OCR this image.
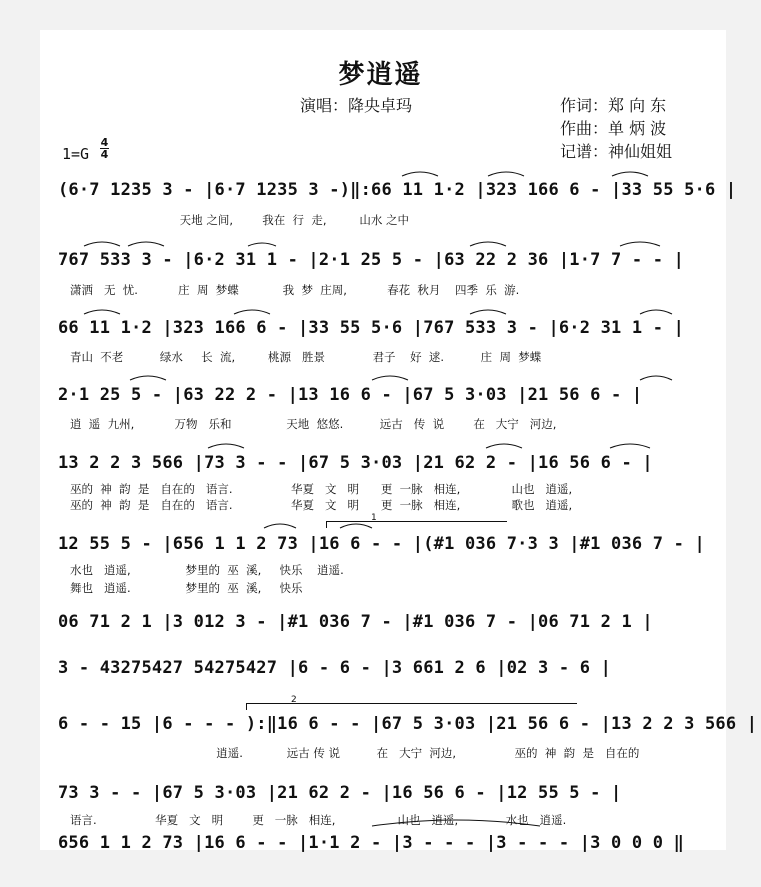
梦逍遥
演唱：降央卓玛	作词：郑 向 东
作曲：单 炳 波
记谱：神仙姐姐
1=G
4
4
(6·7 1235 3 - |6·7 1235 3 -)‖:66 11 1·2 |323 166 6 - |33 55 5·6 |
天地 之间,        我在  行  走,         山水 之中
767 533 3 - |6·2 31 1 - |2·1 25 5 - |63 22 2 36 |1·7 7 - - |
潇洒   无  忧.           庄  周  梦蝶            我  梦  庄周,           春花  秋月    四季  乐  游.
66 11 1·2 |323 166 6 - |33 55 5·6 |767 533 3 - |6·2 31 1 - |
青山  不老          绿水     长  流,         桃源   胜景             君子    好  逑.          庄  周  梦蝶
2·1 25 5 - |63 22 2 - |13 16 6 - |67 5 3·03 |21 56 6 - |
逍  遥  九州,           万物   乐和               天地  悠悠.          远古   传  说        在   大宁   河边,
13 2 2 3 566 |73 3 - - |67 5 3·03 |21 62 2 - |16 56 6 - |
巫的  神  韵  是   自在的   语言.                华夏   文   明      更  一脉   相连,              山也   逍遥,
巫的  神  韵  是   自在的   语言.                华夏   文   明      更  一脉   相连,              歌也   逍遥,
1
12 55 5 - |656 1 1 2 73 |16 6 - - |(#1 036 7·3 3 |#1 036 7 - |
水也   逍遥,               梦里的  巫  溪,     快乐    逍遥.
舞也   逍遥.               梦里的  巫  溪,     快乐
06 71 2 1 |3 012 3 - |#1 036 7 - |#1 036 7 - |06 71 2 1 |
3 - 43275427 54275427 |6 - 6 - |3 661 2 6 |02 3 - 6 |
2
6 - - 15 |6 - - - ):‖16 6 - - |67 5 3·03 |21 56 6 - |13 2 2 3 566 |
逍遥.            远古 传 说          在   大宁  河边,                巫的  神  韵  是   自在的
73 3 - - |67 5 3·03 |21 62 2 - |16 56 6 - |12 55 5 - |
语言.                华夏   文   明        更   一脉   相连,                 山也   逍遥,             水也   逍遥.
656 1 1 2 73 |16 6 - - |1·1 2 - |3 - - - |3 - - - |3 0 0 0 ‖
